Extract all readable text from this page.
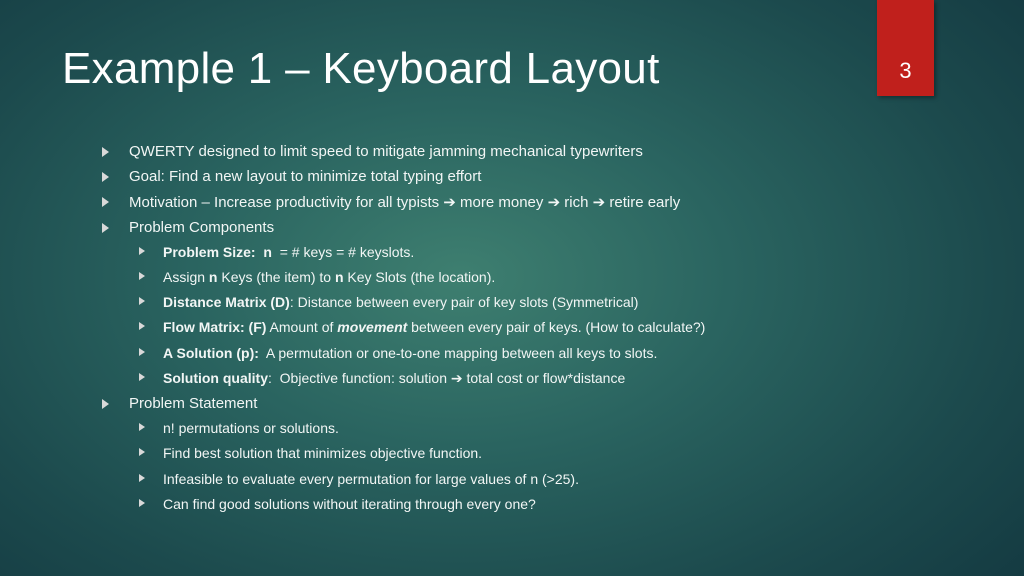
Example 1 – Keyboard Layout	3
QWERTY designed to limit speed to mitigate jamming mechanical typewriters
Goal: Find a new layout to minimize total typing effort
Motivation – Increase productivity for all typists ➔ more money ➔ rich ➔ retire early
Problem Components
Problem Size:  n  = # keys = # keyslots.
Assign n Keys (the item) to n Key Slots (the location).
Distance Matrix (D): Distance between every pair of key slots (Symmetrical)
Flow Matrix: (F) Amount of movement between every pair of keys. (How to calculate?)
A Solution (p):  A permutation or one-to-one mapping between all keys to slots.
Solution quality:  Objective function: solution ➔ total cost or flow*distance
Problem Statement
n! permutations or solutions.
Find best solution that minimizes objective function.
Infeasible to evaluate every permutation for large values of n (>25).
Can find good solutions without iterating through every one?
